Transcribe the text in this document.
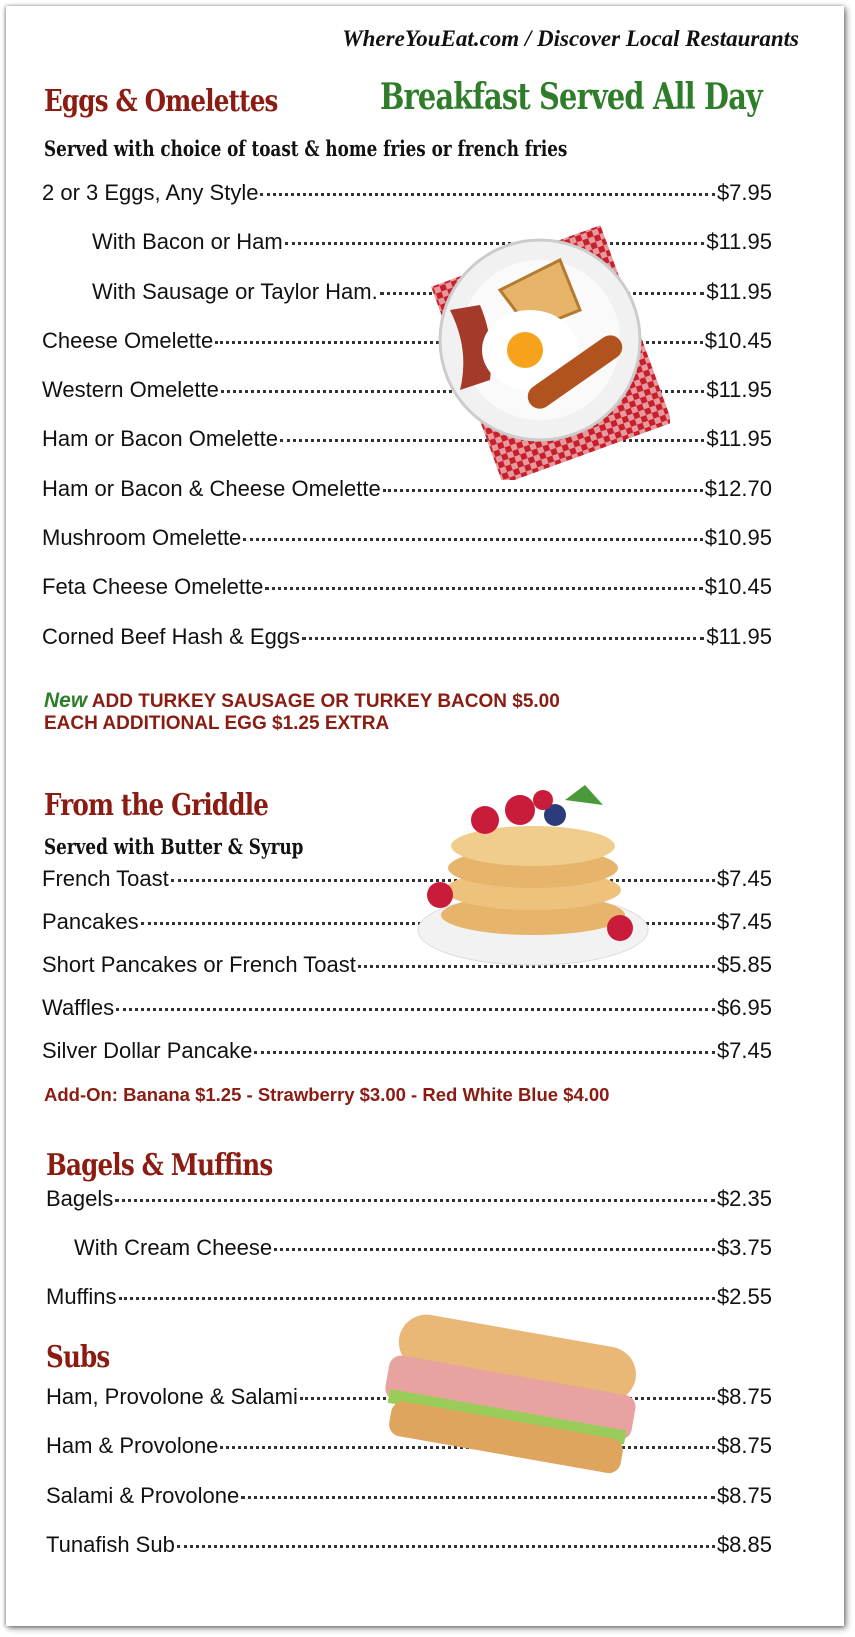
WhereYouEat.com / Discover Local Restaurants
Eggs & Omelettes	Breakfast Served All Day
Served with choice of toast & home fries or french fries
2 or 3 Eggs, Any Style	$7.95
With Bacon or Ham	$11.95
With Sausage or Taylor Ham.	$11.95
Cheese Omelette	$10.45
Western Omelette	$11.95
Ham or Bacon Omelette	$11.95
Ham or Bacon & Cheese Omelette	$12.70
Mushroom Omelette	$10.95
Feta Cheese Omelette	$10.45
Corned Beef Hash & Eggs	$11.95
New ADD TURKEY SAUSAGE OR TURKEY BACON $5.00
EACH ADDITIONAL EGG $1.25 EXTRA
From the Griddle
Served with Butter & Syrup
French Toast	$7.45
Pancakes	$7.45
Short Pancakes or French Toast	$5.85
Waffles	$6.95
Silver Dollar Pancake	$7.45
Add-On: Banana $1.25 - Strawberry $3.00 - Red White Blue $4.00
Bagels & Muffins
Bagels	$2.35
With Cream Cheese	$3.75
Muffins	$2.55
Subs
Ham, Provolone & Salami	$8.75
Ham & Provolone	$8.75
Salami & Provolone	$8.75
Tunafish Sub	$8.85
